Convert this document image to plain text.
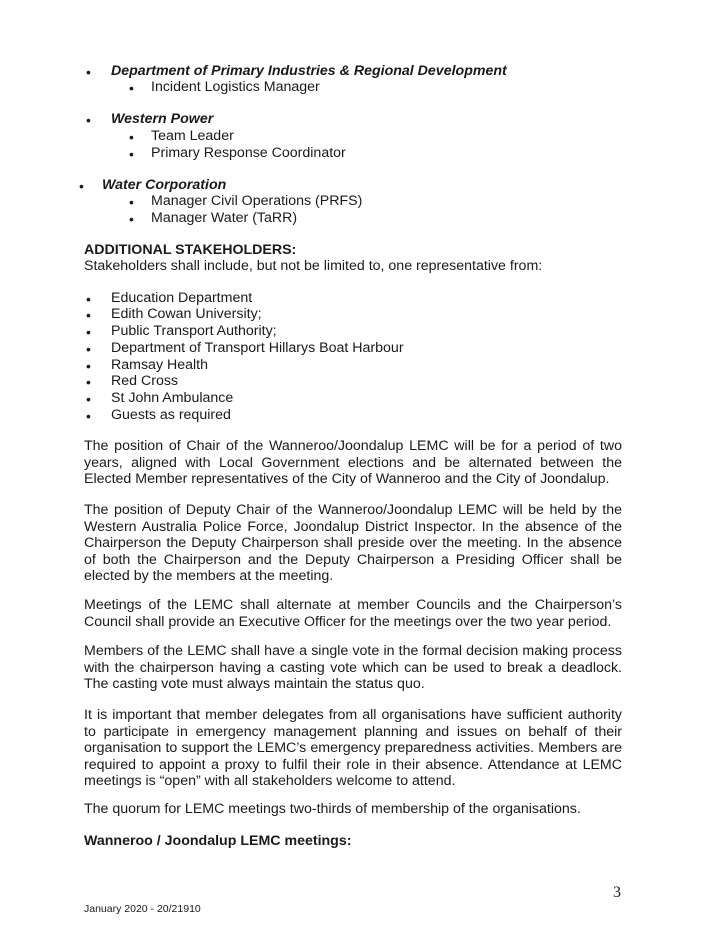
• Department of Primary Industries & Regional Development
• Incident Logistics Manager
• Western Power
• Team Leader
• Primary Response Coordinator
• Water Corporation
• Manager Civil Operations (PRFS)
• Manager Water (TaRR)
ADDITIONAL STAKEHOLDERS:
Stakeholders shall include, but not be limited to, one representative from:
• Education Department
• Edith Cowan University;
• Public Transport Authority;
• Department of Transport Hillarys Boat Harbour
• Ramsay Health
• Red Cross
• St John Ambulance
• Guests as required

The position of Chair of the Wanneroo/Joondalup LEMC will be for a period of two years, aligned with Local Government elections and be alternated between the Elected Member representatives of the City of Wanneroo and the City of Joondalup.

The position of Deputy Chair of the Wanneroo/Joondalup LEMC will be held by the Western Australia Police Force, Joondalup District Inspector. In the absence of the Chairperson the Deputy Chairperson shall preside over the meeting. In the absence of both the Chairperson and the Deputy Chairperson a Presiding Officer shall be elected by the members at the meeting.

Meetings of the LEMC shall alternate at member Councils and the Chairperson’s Council shall provide an Executive Officer for the meetings over the two year period.

Members of the LEMC shall have a single vote in the formal decision making process with the chairperson having a casting vote which can be used to break a deadlock. The casting vote must always maintain the status quo.

It is important that member delegates from all organisations have sufficient authority to participate in emergency management planning and issues on behalf of their organisation to support the LEMC’s emergency preparedness activities. Members are required to appoint a proxy to fulfil their role in their absence. Attendance at LEMC meetings is “open” with all stakeholders welcome to attend.

The quorum for LEMC meetings two-thirds of membership of the organisations.

Wanneroo / Joondalup LEMC meetings:
3
January 2020 - 20/21910
